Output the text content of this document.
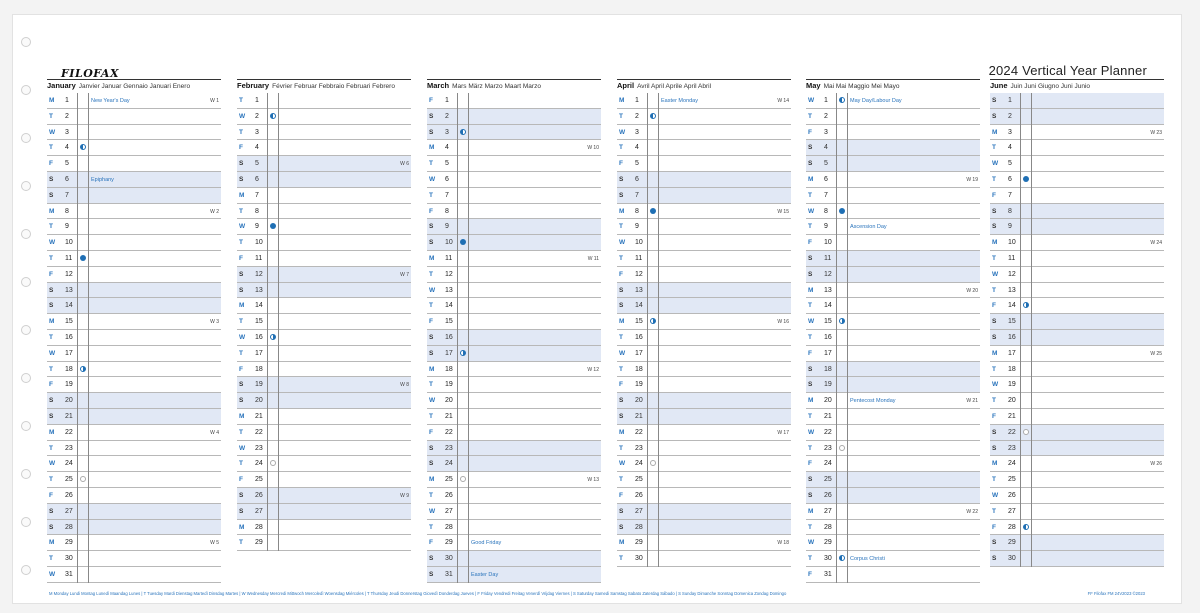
FILOFAX	2024 Vertical Year Planner
January Janvier Januar Gennaio Januari Enero
M 1	New Year's Day	W 1
T 2
W 3
T 4
F 5
S 6	Epiphany
S 7
M 8	W 2
T 9
W 10
T 11
F 12
S 13
S 14
M 15	W 3
T 16
W 17
T 18
F 19
S 20
S 21
M 22	W 4
T 23
W 24
T 25
F 26
S 27
S 28
M 29	W 5
T 30
W 31
February Février Februar Febbraio Februari Febrero
T 1
W 2
T 3
F 4
S 5	W 6
S 6
M 7
T 8
W 9
T 10
F 11
S 12	W 7
S 13
M 14
T 15
W 16
T 17
F 18
S 19	W 8
S 20
M 21
T 22
W 23
T 24
F 25
S 26	W 9
S 27
M 28
T 29
March Mars März Marzo Maart Marzo
F 1
S 2
S 3
M 4	W 10
T 5
W 6
T 7
F 8
S 9
S 10
M 11	W 11
T 12
W 13
T 14
F 15
S 16
S 17
M 18	W 12
T 19
W 20
T 21
F 22
S 23
S 24
M 25	W 13
T 26
W 27
T 28
F 29	Good Friday
S 30
S 31	Easter Day
April Avril April Aprile April Abril
M 1	Easter Monday	W 14
T 2
W 3
T 4
F 5
S 6
S 7
M 8	W 15
T 9
W 10
T 11
F 12
S 13
S 14
M 15	W 16
T 16
W 17
T 18
F 19
S 20
S 21
M 22	W 17
T 23
W 24
T 25
F 26
S 27
S 28
M 29	W 18
T 30
May Mai Mai Maggio Mei Mayo
W 1	May Day/Labour Day
T 2
F 3
S 4
S 5
M 6	W 19
T 7
W 8
T 9	Ascension Day
F 10
S 11
S 12
M 13	W 20
T 14
W 15
T 16
F 17
S 18
S 19
M 20	Pentecost Monday	W 21
T 21
W 22
T 23
F 24
S 25
S 26
M 27	W 22
T 28
W 29
T 30	Corpus Christi
F 31
June Juin Juni Giugno Juni Junio
S 1
S 2
M 3	W 23
T 4
W 5
T 6
F 7
S 8
S 9
M 10	W 24
T 11
W 12
T 13
F 14
S 15
S 16
M 17	W 25
T 18
W 19
T 20
F 21
S 22
S 23
M 24	W 26
T 25
W 26
T 27
F 28
S 29
S 30
M Monday Lundi Montag Lunedì Maandag Lunes | T Tuesday Mardi Dienstag Martedì Dinsdag Martes | W Wednesday Mercredi Mittwoch Mercoledì Woensdag Miércoles | T Thursday Jeudi Donnerstag Giovedì Donderdag Jueves | F Friday Vendredi Freitag Venerdì Vrijdag Viernes | S Saturday Samedi Samstag Sabato Zaterdag Sábado | S Sunday Dimanche Sonntag Domenica Zondag Domingo	FF Filofax FM 24V2023 ©2023
